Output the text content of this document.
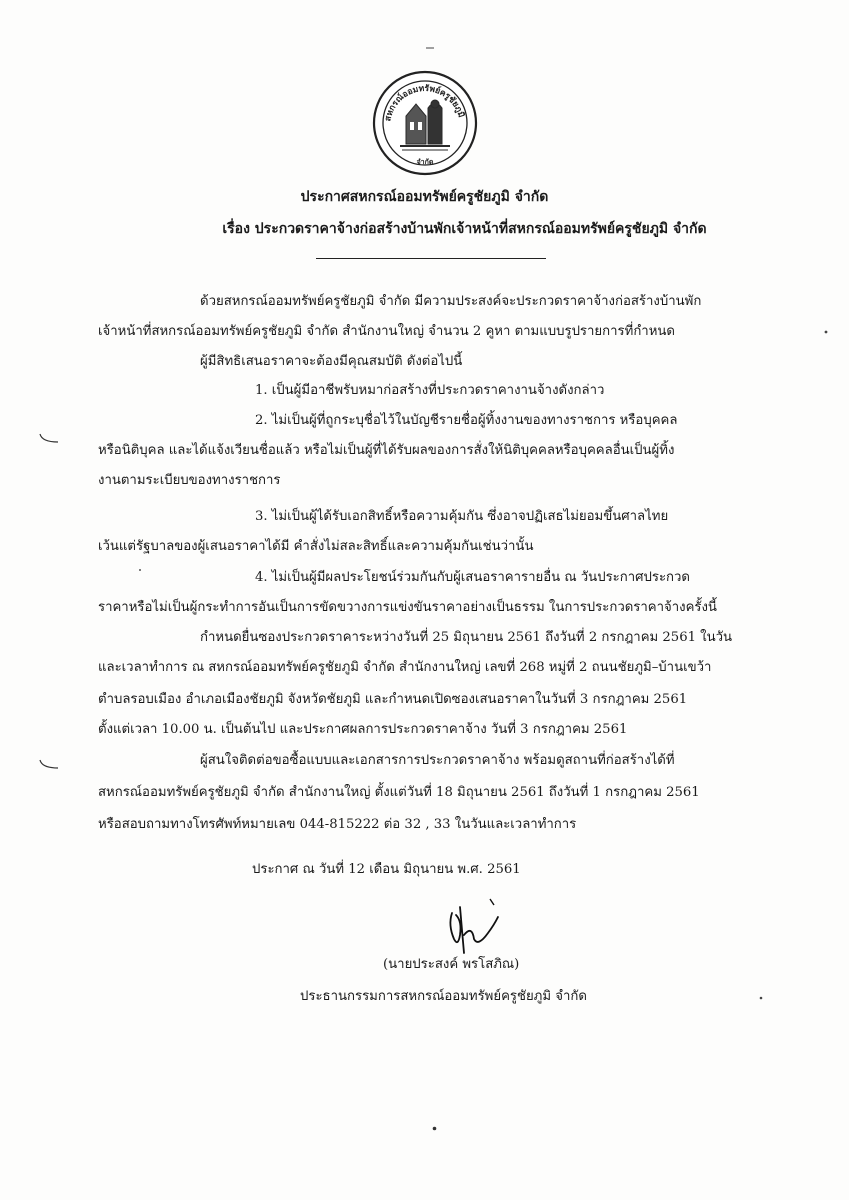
สหกรณ์ออมทรัพย์ครูชัยภูมิ
จำกัด
ประกาศสหกรณ์ออมทรัพย์ครูชัยภูมิ จำกัด
เรื่อง ประกวดราคาจ้างก่อสร้างบ้านพักเจ้าหน้าที่สหกรณ์ออมทรัพย์ครูชัยภูมิ จำกัด
ด้วยสหกรณ์ออมทรัพย์ครูชัยภูมิ จำกัด มีความประสงค์จะประกวดราคาจ้างก่อสร้างบ้านพัก
เจ้าหน้าที่สหกรณ์ออมทรัพย์ครูชัยภูมิ จำกัด สำนักงานใหญ่ จำนวน 2 คูหา ตามแบบรูปรายการที่กำหนด
ผู้มีสิทธิเสนอราคาจะต้องมีคุณสมบัติ ดังต่อไปนี้
1. เป็นผู้มีอาชีพรับหมาก่อสร้างที่ประกวดราคางานจ้างดังกล่าว
2. ไม่เป็นผู้ที่ถูกระบุชื่อไว้ในบัญชีรายชื่อผู้ทิ้งงานของทางราชการ หรือบุคคล
หรือนิติบุคล และได้แจ้งเวียนชื่อแล้ว หรือไม่เป็นผู้ที่ได้รับผลของการสั่งให้นิติบุคคลหรือบุคคลอื่นเป็นผู้ทิ้ง
งานตามระเบียบของทางราชการ
3. ไม่เป็นผู้ได้รับเอกสิทธิ์หรือความคุ้มกัน ซึ่งอาจปฏิเสธไม่ยอมขึ้นศาลไทย
เว้นแต่รัฐบาลของผู้เสนอราคาได้มี คำสั่งไม่สละสิทธิ์และความคุ้มกันเช่นว่านั้น
4. ไม่เป็นผู้มีผลประโยชน์ร่วมกันกับผู้เสนอราคารายอื่น ณ วันประกาศประกวด
ราคาหรือไม่เป็นผู้กระทำการอันเป็นการขัดขวางการแข่งขันราคาอย่างเป็นธรรม ในการประกวดราคาจ้างครั้งนี้
กำหนดยื่นซองประกวดราคาระหว่างวันที่ 25 มิถุนายน 2561 ถึงวันที่ 2 กรกฎาคม 2561 ในวัน
และเวลาทำการ ณ สหกรณ์ออมทรัพย์ครูชัยภูมิ จำกัด สำนักงานใหญ่ เลขที่ 268 หมู่ที่ 2 ถนนชัยภูมิ–บ้านเขว้า
ตำบลรอบเมือง อำเภอเมืองชัยภูมิ จังหวัดชัยภูมิ และกำหนดเปิดซองเสนอราคาในวันที่ 3 กรกฎาคม 2561
ตั้งแต่เวลา 10.00 น. เป็นต้นไป และประกาศผลการประกวดราคาจ้าง วันที่ 3 กรกฎาคม 2561
ผู้สนใจติดต่อขอซื้อแบบและเอกสารการประกวดราคาจ้าง พร้อมดูสถานที่ก่อสร้างได้ที่
สหกรณ์ออมทรัพย์ครูชัยภูมิ จำกัด สำนักงานใหญ่ ตั้งแต่วันที่ 18 มิถุนายน 2561 ถึงวันที่ 1 กรกฎาคม 2561
หรือสอบถามทางโทรศัพท์หมายเลข 044-815222 ต่อ 32 , 33 ในวันและเวลาทำการ
ประกาศ ณ วันที่ 12 เดือน มิถุนายน พ.ศ. 2561
(นายประสงค์ พรโสภิณ)
ประธานกรรมการสหกรณ์ออมทรัพย์ครูชัยภูมิ จำกัด
